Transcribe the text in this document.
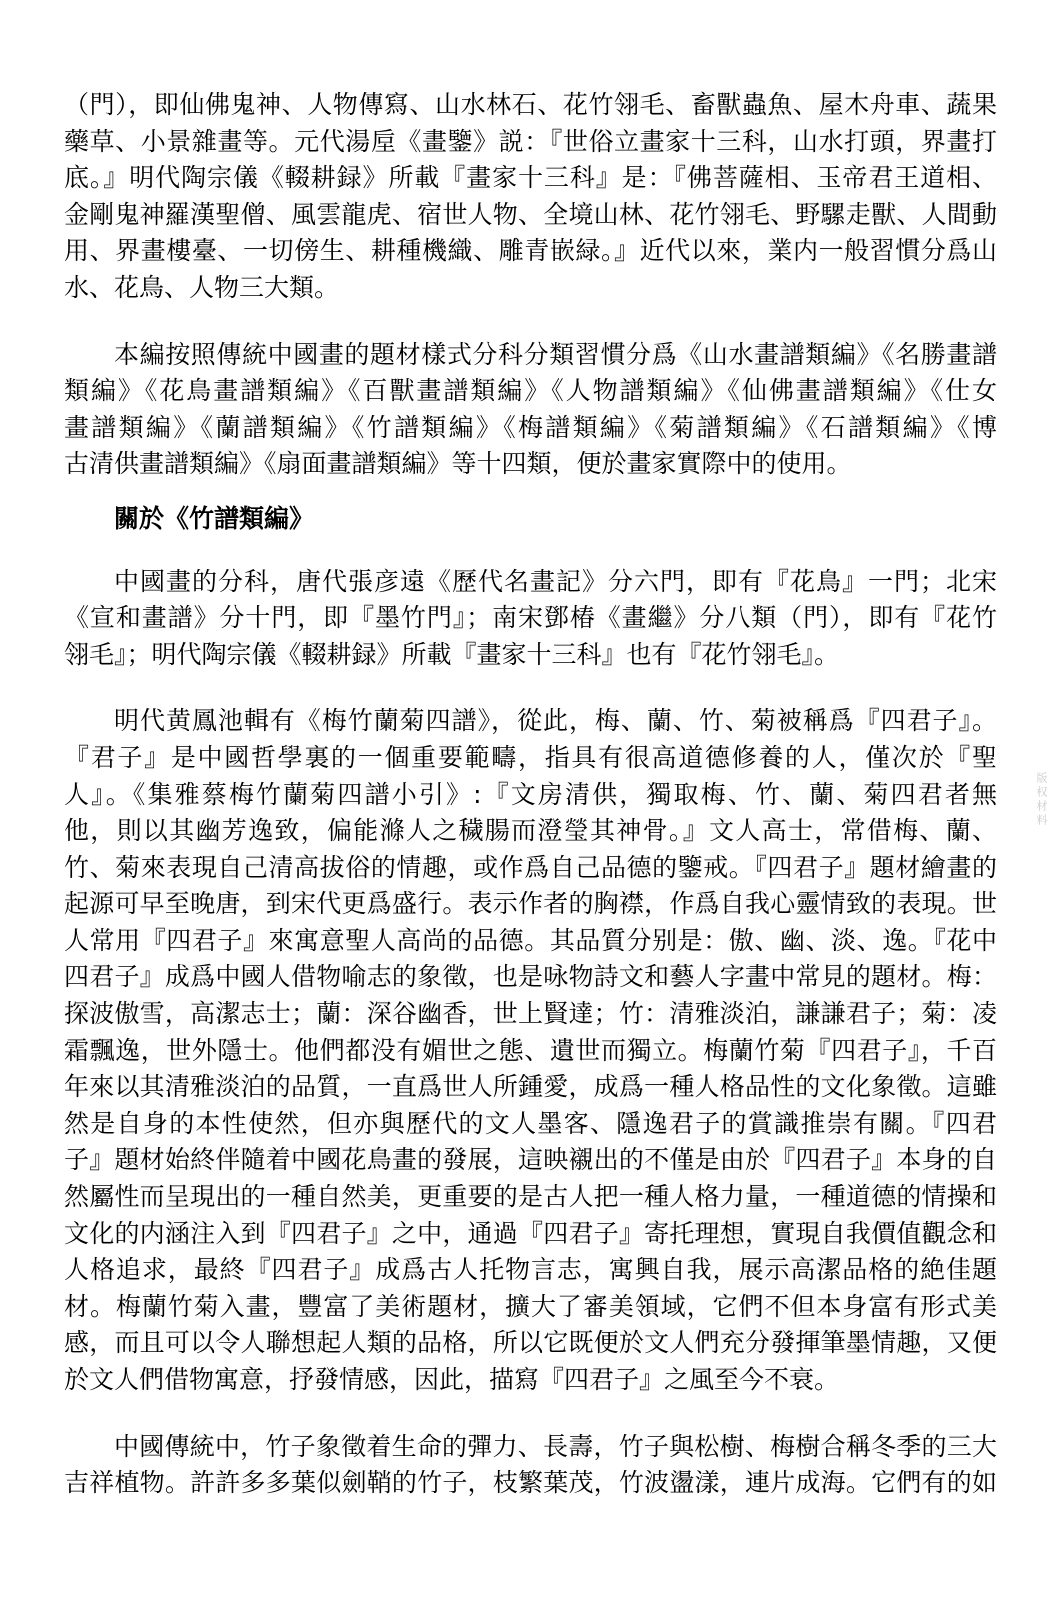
（門），即仙佛鬼神、人物傳寫、山水林石、花竹翎毛、畜獸蟲魚、屋木舟車、蔬果
藥草、小景雜畫等。元代湯垕《畫鑒》説：『世俗立畫家十三科，山水打頭，界畫打
底。』明代陶宗儀《輟耕録》所載『畫家十三科』是：『佛菩薩相、玉帝君王道相、
金剛鬼神羅漢聖僧、風雲龍虎、宿世人物、全境山林、花竹翎毛、野騾走獸、人間動
用、界畫樓臺、一切傍生、耕種機織、雕青嵌緑。』近代以來，業内一般習慣分爲山
水、花鳥、人物三大類。

本編按照傳統中國畫的題材樣式分科分類習慣分爲《山水畫譜類編》《名勝畫譜
類編》《花鳥畫譜類編》《百獸畫譜類編》《人物譜類編》《仙佛畫譜類編》《仕女
畫譜類編》《蘭譜類編》《竹譜類編》《梅譜類編》《菊譜類編》《石譜類編》《博
古清供畫譜類編》《扇面畫譜類編》等十四類，便於畫家實際中的使用。

關於《竹譜類編》

中國畫的分科，唐代張彦遠《歷代名畫記》分六門，即有『花鳥』一門；北宋
《宣和畫譜》分十門，即『墨竹門』；南宋鄧椿《畫繼》分八類（門），即有『花竹
翎毛』；明代陶宗儀《輟耕録》所載『畫家十三科』也有『花竹翎毛』。

明代黄鳳池輯有《梅竹蘭菊四譜》，從此，梅、蘭、竹、菊被稱爲『四君子』。
『君子』是中國哲學裏的一個重要範疇，指具有很高道德修養的人，僅次於『聖
人』。《集雅蔡梅竹蘭菊四譜小引》:『文房清供，獨取梅、竹、蘭、菊四君者無
他，則以其幽芳逸致，偏能滌人之穢腸而澄瑩其神骨。』文人高士，常借梅、蘭、
竹、菊來表現自己清高拔俗的情趣，或作爲自己品德的鑒戒。『四君子』題材繪畫的
起源可早至晚唐，到宋代更爲盛行。表示作者的胸襟，作爲自我心靈情致的表現。世
人常用『四君子』來寓意聖人高尚的品德。其品質分别是：傲、幽、淡、逸。『花中
四君子』成爲中國人借物喻志的象徵，也是咏物詩文和藝人字畫中常見的題材。梅：
探波傲雪，高潔志士；蘭：深谷幽香，世上賢達；竹：清雅淡泊，謙謙君子；菊：凌
霜飄逸，世外隱士。他們都没有媚世之態、遺世而獨立。梅蘭竹菊『四君子』，千百
年來以其清雅淡泊的品質，一直爲世人所鍾愛，成爲一種人格品性的文化象徵。這雖
然是自身的本性使然，但亦與歷代的文人墨客、隱逸君子的賞識推崇有關。『四君
子』題材始終伴隨着中國花鳥畫的發展，這映襯出的不僅是由於『四君子』本身的自
然屬性而呈現出的一種自然美，更重要的是古人把一種人格力量，一種道德的情操和
文化的内涵注入到『四君子』之中，通過『四君子』寄托理想，實現自我價值觀念和
人格追求，最終『四君子』成爲古人托物言志，寓興自我，展示高潔品格的絶佳題
材。梅蘭竹菊入畫，豐富了美術題材，擴大了審美領域，它們不但本身富有形式美
感，而且可以令人聯想起人類的品格，所以它既便於文人們充分發揮筆墨情趣，又便
於文人們借物寓意，抒發情感，因此，描寫『四君子』之風至今不衰。

中國傳統中，竹子象徵着生命的彈力、長壽，竹子與松樹、梅樹合稱冬季的三大
吉祥植物。許許多多葉似劍鞘的竹子，枝繁葉茂，竹波盪漾，連片成海。它們有的如

版权材料
